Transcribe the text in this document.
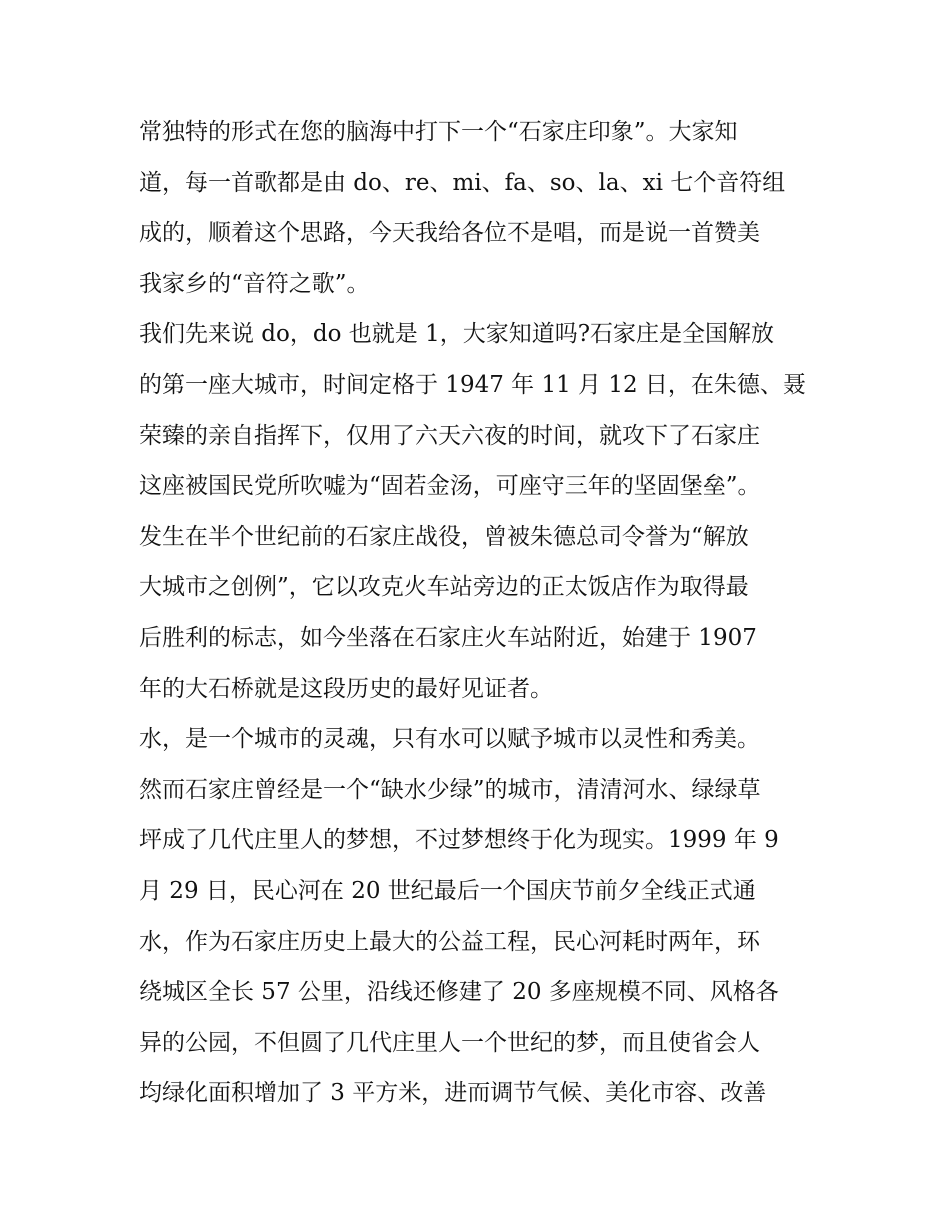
常独特的形式在您的脑海中打下一个“石家庄印象”。大家知
道，每一首歌都是由 do、re、mi、fa、so、la、xi 七个音符组
成的，顺着这个思路，今天我给各位不是唱，而是说一首赞美
我家乡的“音符之歌”。
我们先来说 do，do 也就是 1，大家知道吗?石家庄是全国解放
的第一座大城市，时间定格于 1947 年 11 月 12 日，在朱德、聂
荣臻的亲自指挥下，仅用了六天六夜的时间，就攻下了石家庄
这座被国民党所吹嘘为“固若金汤，可座守三年的坚固堡垒”。
发生在半个世纪前的石家庄战役，曾被朱德总司令誉为“解放
大城市之创例”，它以攻克火车站旁边的正太饭店作为取得最
后胜利的标志，如今坐落在石家庄火车站附近，始建于 1907
年的大石桥就是这段历史的最好见证者。
水，是一个城市的灵魂，只有水可以赋予城市以灵性和秀美。
然而石家庄曾经是一个“缺水少绿”的城市，清清河水、绿绿草
坪成了几代庄里人的梦想，不过梦想终于化为现实。1999 年 9
月 29 日，民心河在 20 世纪最后一个国庆节前夕全线正式通
水，作为石家庄历史上最大的公益工程，民心河耗时两年，环
绕城区全长 57 公里，沿线还修建了 20 多座规模不同、风格各
异的公园，不但圆了几代庄里人一个世纪的梦，而且使省会人
均绿化面积增加了 3 平方米，进而调节气候、美化市容、改善
